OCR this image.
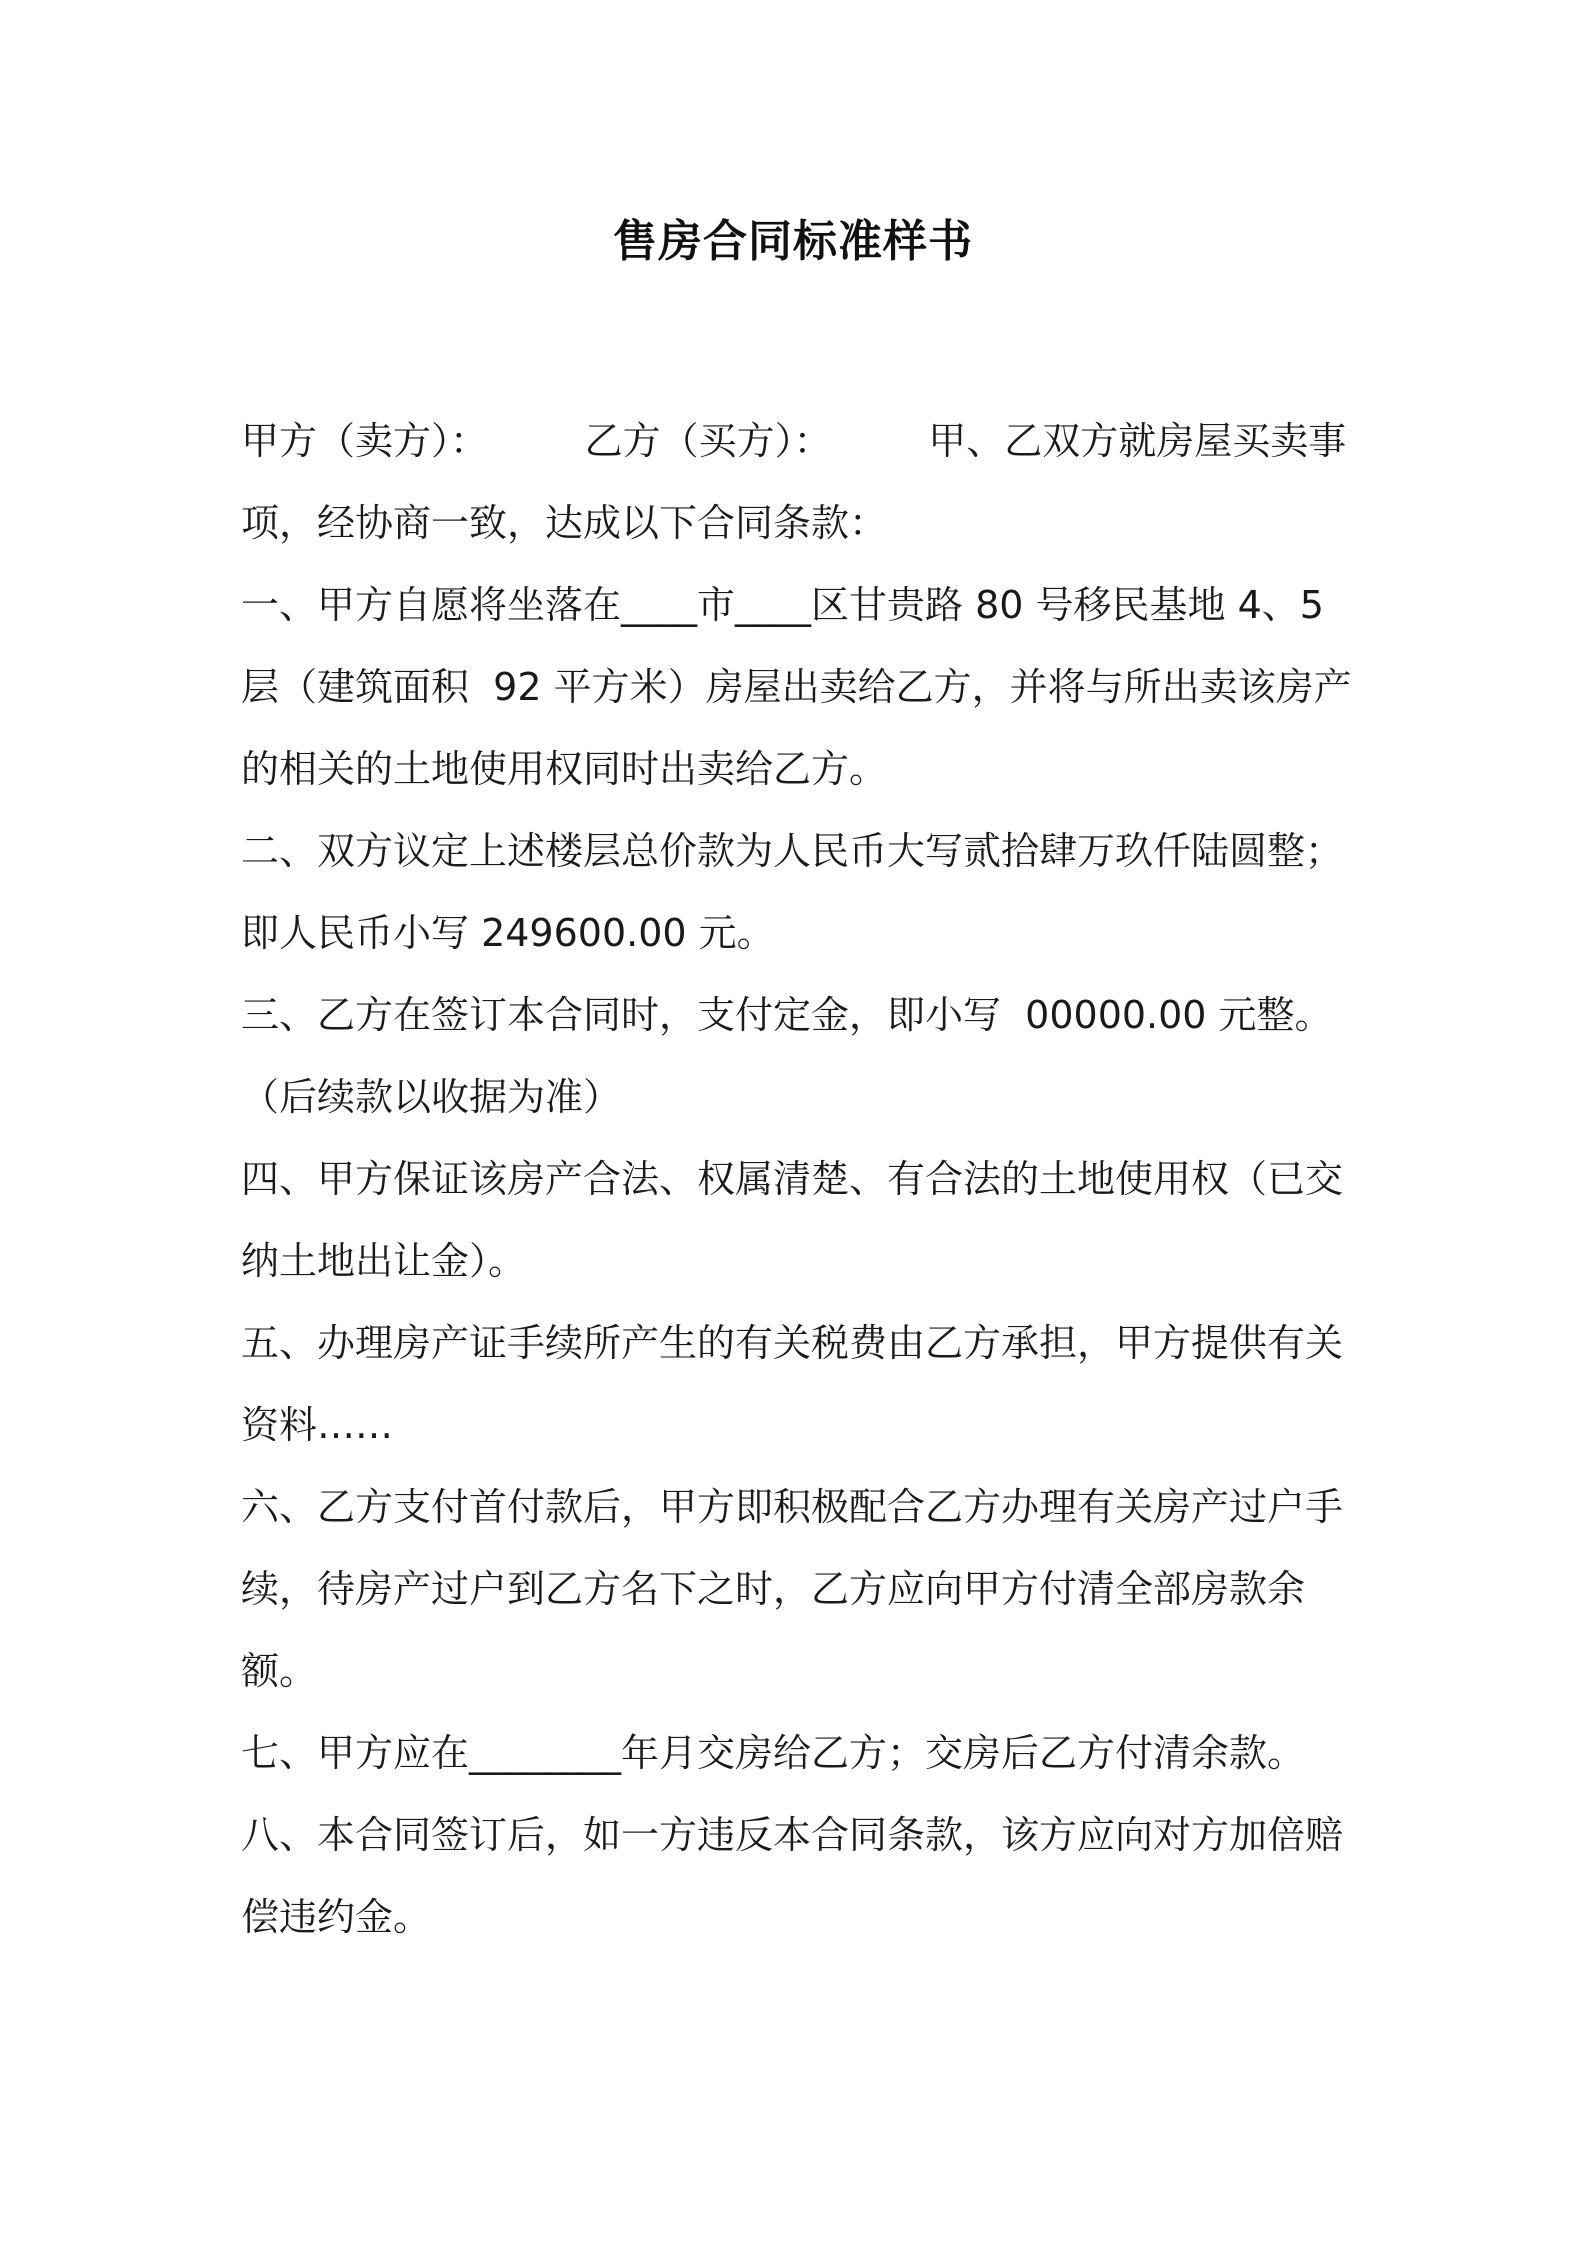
售房合同标准样书

甲方（卖方）：        乙方（买方）：        甲、乙双方就房屋买卖事项，经协商一致，达成以下合同条款：

一、甲方自愿将坐落在____市____区甘贵路 80 号移民基地 4、5 层（建筑面积  92 平方米）房屋出卖给乙方，并将与所出卖该房产的相关的土地使用权同时出卖给乙方。

二、双方议定上述楼层总价款为人民币大写贰拾肆万玖仟陆圆整；即人民币小写 249600.00 元。

三、乙方在签订本合同时，支付定金，即小写  00000.00 元整。（后续款以收据为准）

四、甲方保证该房产合法、权属清楚、有合法的土地使用权（已交纳土地出让金）。

五、办理房产证手续所产生的有关税费由乙方承担，甲方提供有关资料……

六、乙方支付首付款后，甲方即积极配合乙方办理有关房产过户手续，待房产过户到乙方名下之时，乙方应向甲方付清全部房款余额。

七、甲方应在________年月交房给乙方；交房后乙方付清余款。

八、本合同签订后，如一方违反本合同条款，该方应向对方加倍赔偿违约金。
